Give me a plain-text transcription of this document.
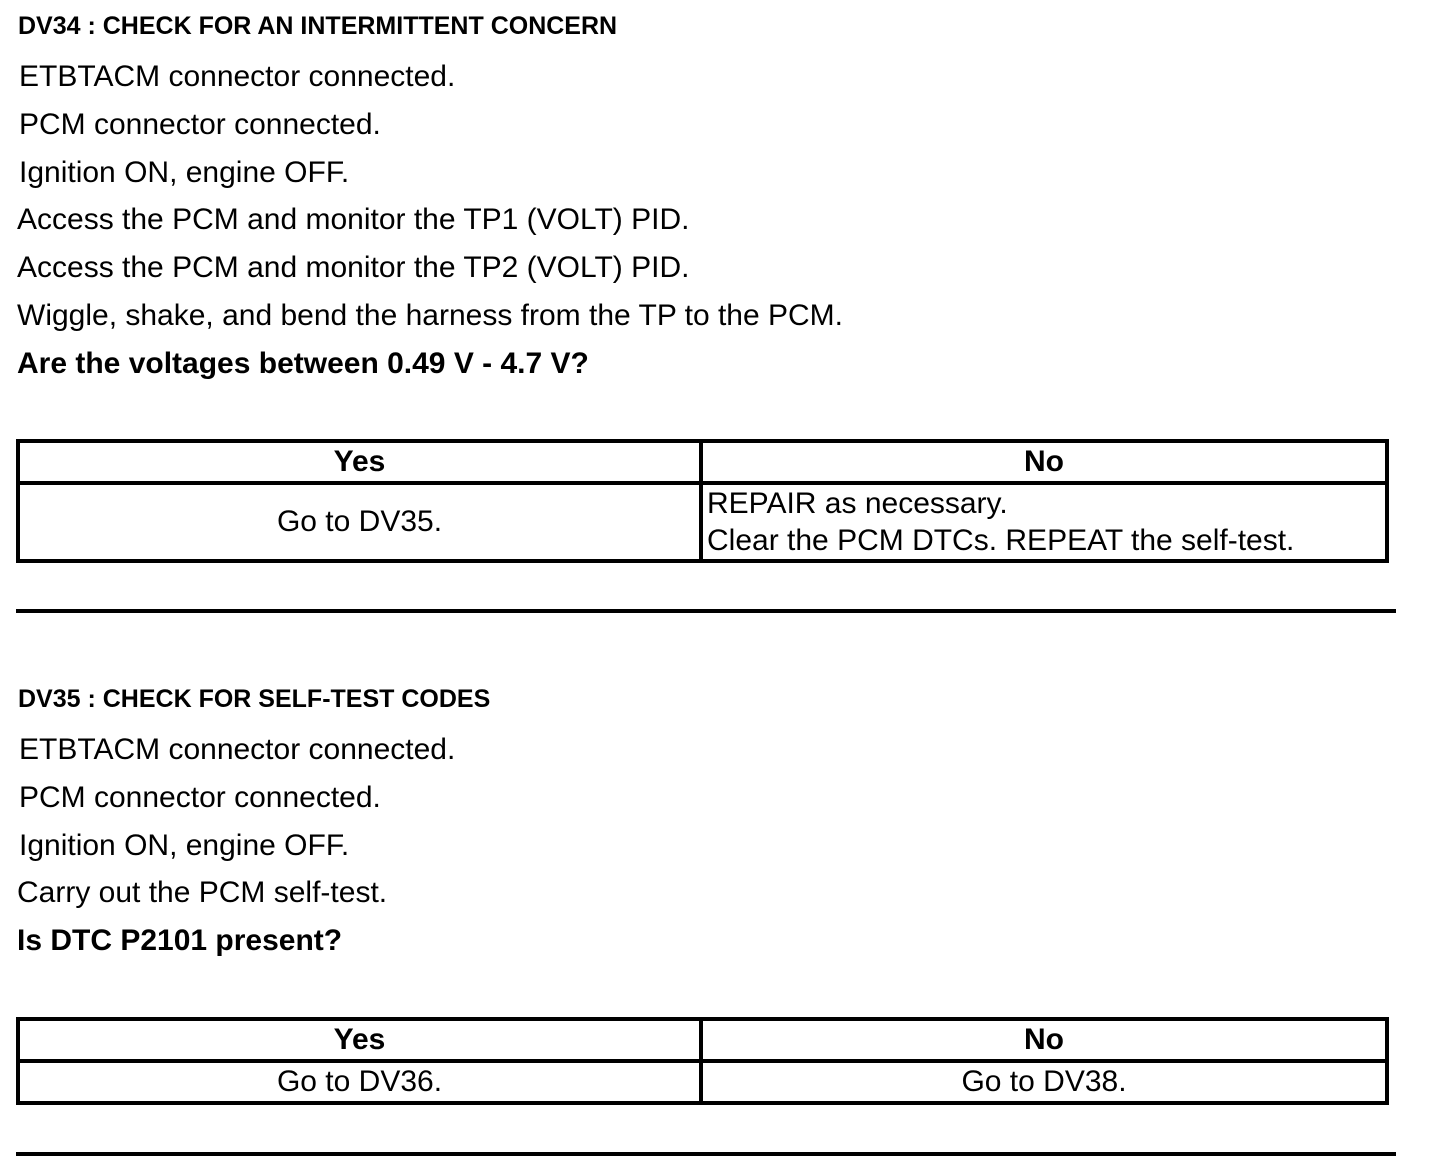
DV34 : CHECK FOR AN INTERMITTENT CONCERN
ETBTACM connector connected.
PCM connector connected.
Ignition ON, engine OFF.
Access the PCM and monitor the TP1 (VOLT) PID.
Access the PCM and monitor the TP2 (VOLT) PID.
Wiggle, shake, and bend the harness from the TP to the PCM.
Are the voltages between 0.49 V - 4.7 V?
Yes	No
Go to DV35.	REPAIR as necessary.
Clear the PCM DTCs. REPEAT the self-test.
DV35 : CHECK FOR SELF-TEST CODES
ETBTACM connector connected.
PCM connector connected.
Ignition ON, engine OFF.
Carry out the PCM self-test.
Is DTC P2101 present?
Yes	No
Go to DV36.	Go to DV38.
